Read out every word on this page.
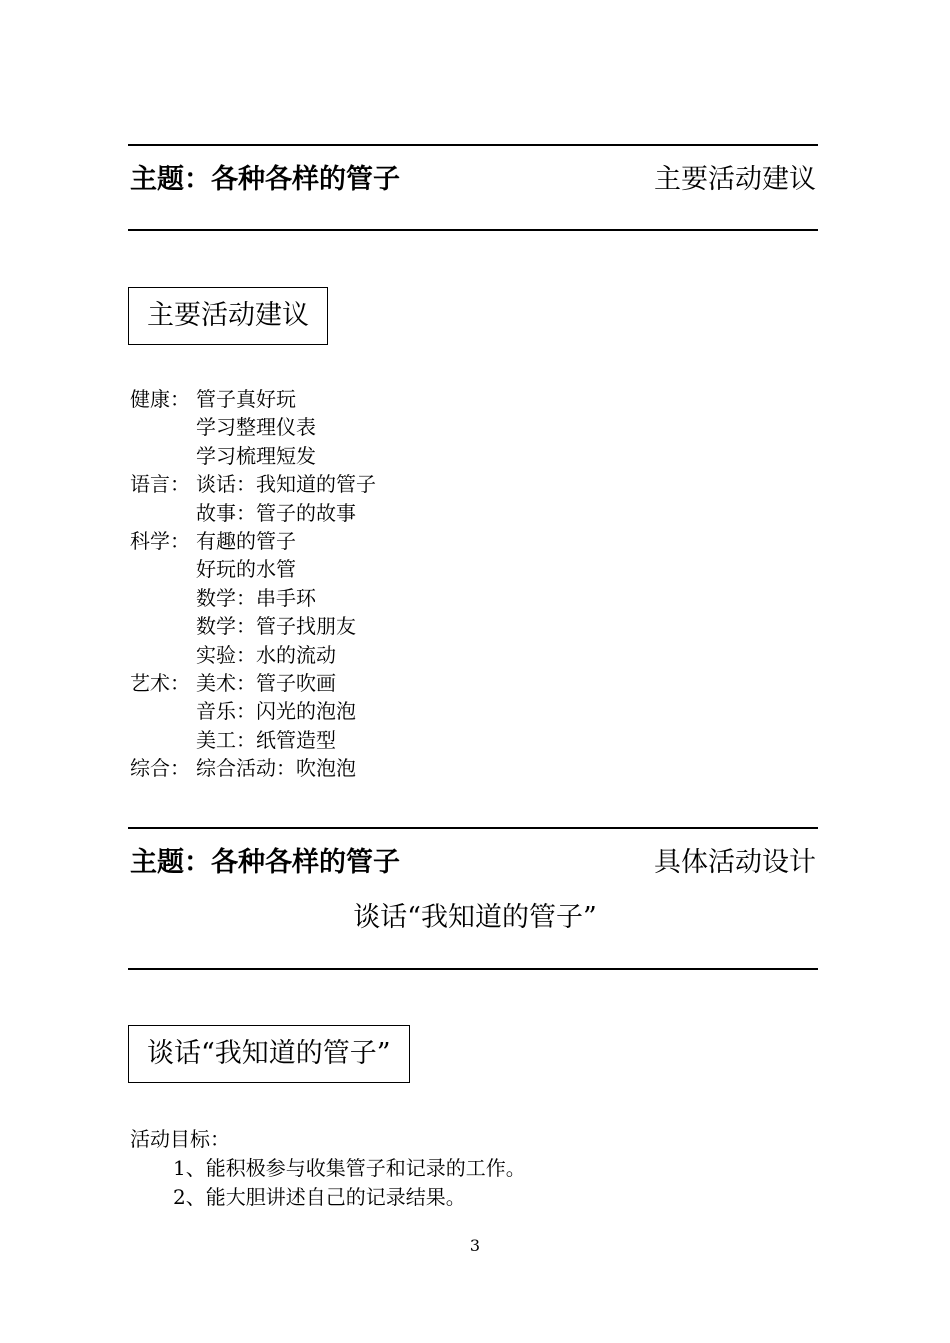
主题：各种各样的管子	主要活动建议
主要活动建议
健康： 管子真好玩
学习整理仪表
学习梳理短发
语言： 谈话：我知道的管子
故事：管子的故事
科学： 有趣的管子
好玩的水管
数学：串手环
数学：管子找朋友
实验：水的流动
艺术： 美术：管子吹画
音乐：闪光的泡泡
美工：纸管造型
综合： 综合活动：吹泡泡
主题：各种各样的管子	具体活动设计
谈话“我知道的管子”
谈话“我知道的管子”
活动目标：
1、能积极参与收集管子和记录的工作。
2、能大胆讲述自己的记录结果。
3
